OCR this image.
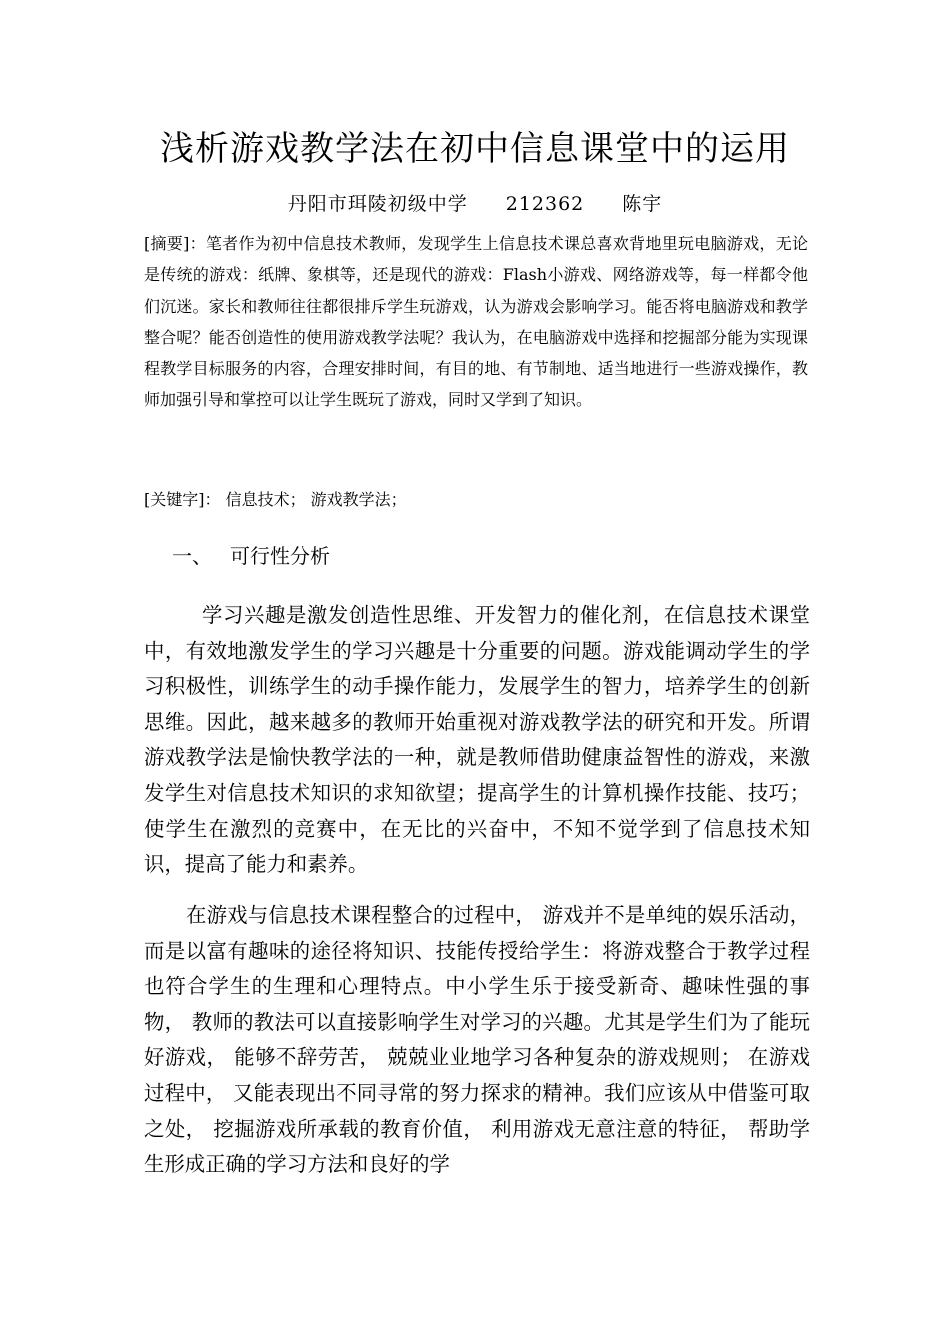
浅析游戏教学法在初中信息课堂中的运用
丹阳市珥陵初级中学 212362 陈宇

[摘要]：笔者作为初中信息技术教师，发现学生上信息技术课总喜欢背地里玩电脑游戏，无论是传统的游戏：纸牌、象棋等，还是现代的游戏：Flash小游戏、网络游戏等，每一样都令他们沉迷。家长和教师往往都很排斥学生玩游戏，认为游戏会影响学习。能否将电脑游戏和教学整合呢？能否创造性的使用游戏教学法呢？我认为，在电脑游戏中选择和挖掘部分能为实现课程教学目标服务的内容，合理安排时间，有目的地、有节制地、适当地进行一些游戏操作，教师加强引导和掌控可以让学生既玩了游戏，同时又学到了知识。

[关键字]： 信息技术； 游戏教学法；

一、 可行性分析

学习兴趣是激发创造性思维、开发智力的催化剂，在信息技术课堂中，有效地激发学生的学习兴趣是十分重要的问题。游戏能调动学生的学习积极性，训练学生的动手操作能力，发展学生的智力，培养学生的创新思维。因此，越来越多的教师开始重视对游戏教学法的研究和开发。所谓游戏教学法是愉快教学法的一种，就是教师借助健康益智性的游戏，来激发学生对信息技术知识的求知欲望；提高学生的计算机操作技能、技巧；使学生在激烈的竞赛中，在无比的兴奋中，不知不觉学到了信息技术知识，提高了能力和素养。

在游戏与信息技术课程整合的过程中， 游戏并不是单纯的娱乐活动， 而是以富有趣味的途径将知识、技能传授给学生：将游戏整合于教学过程也符合学生的生理和心理特点。中小学生乐于接受新奇、趣味性强的事物， 教师的教法可以直接影响学生对学习的兴趣。尤其是学生们为了能玩好游戏， 能够不辞劳苦， 兢兢业业地学习各种复杂的游戏规则； 在游戏过程中， 又能表现出不同寻常的努力探求的精神。我们应该从中借鉴可取之处， 挖掘游戏所承载的教育价值， 利用游戏无意注意的特征， 帮助学生形成正确的学习方法和良好的学
